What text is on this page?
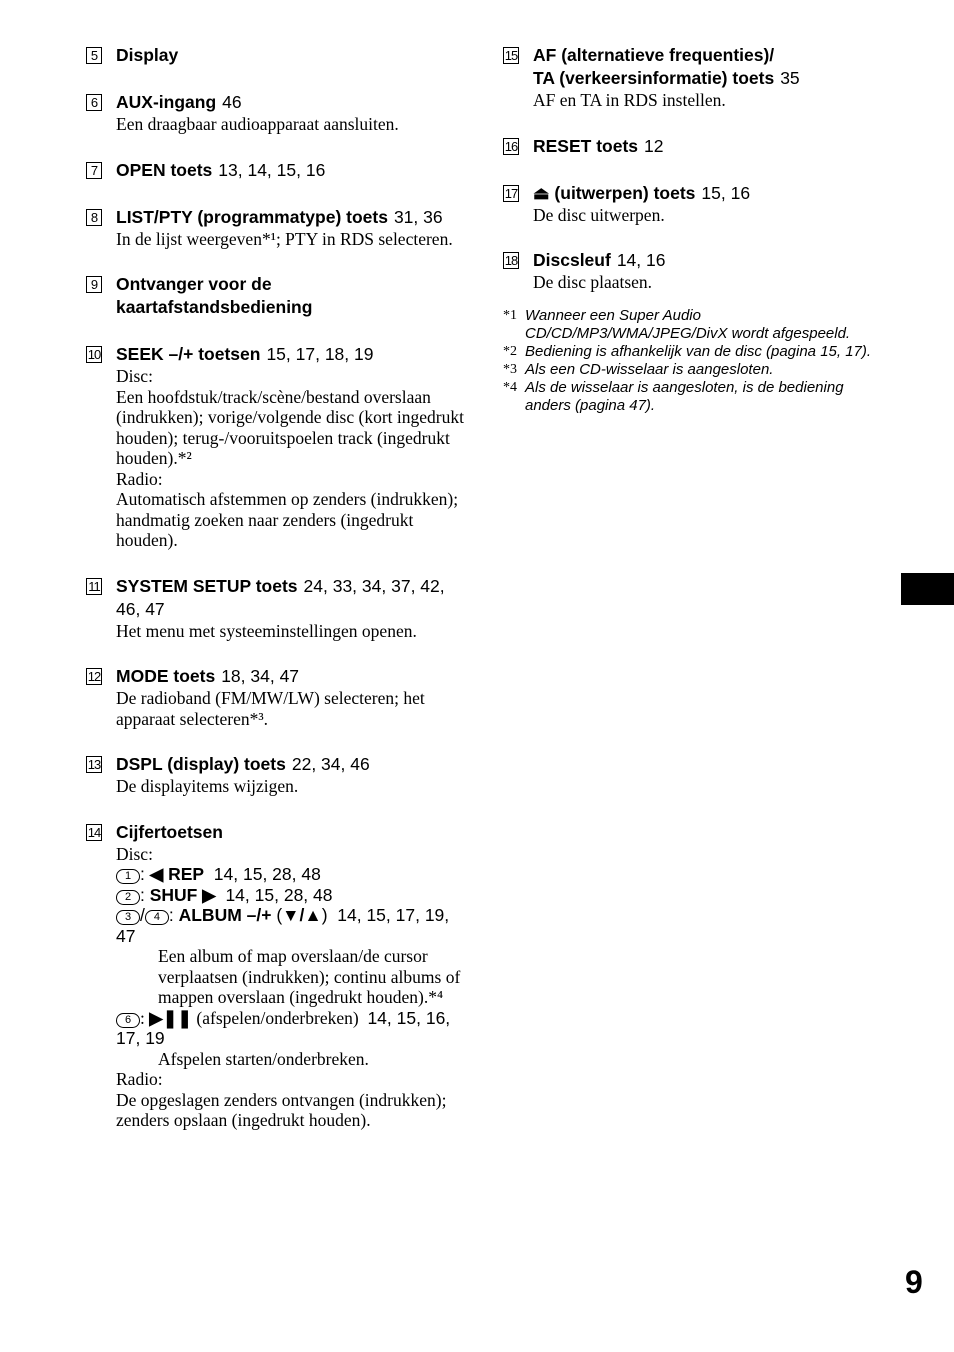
5 Display
6 AUX-ingang 46
Een draagbaar audioapparaat aansluiten.
7 OPEN toets 13, 14, 15, 16
8 LIST/PTY (programmatype) toets 31, 36
In de lijst weergeven*¹; PTY in RDS selecteren.
9 Ontvanger voor de kaartafstandsbediening
10 SEEK –/+ toetsen 15, 17, 18, 19
Disc:
Een hoofdstuk/track/scène/bestand overslaan (indrukken); vorige/volgende disc (kort ingedrukt houden); terug-/vooruitspoelen track (ingedrukt houden).*²
Radio:
Automatisch afstemmen op zenders (indrukken); handmatig zoeken naar zenders (ingedrukt houden).
11 SYSTEM SETUP toets 24, 33, 34, 37, 42, 46, 47
Het menu met systeeminstellingen openen.
12 MODE toets 18, 34, 47
De radioband (FM/MW/LW) selecteren; het apparaat selecteren*³.
13 DSPL (display) toets 22, 34, 46
De displayitems wijzigen.
14 Cijfertoetsen
Disc:
1 : ◀ REP 14, 15, 28, 48
2 : SHUF ▶ 14, 15, 28, 48
3 / 4 : ALBUM –/+ (▼/▲)  14, 15, 17, 19, 47
Een album of map overslaan/de cursor verplaatsen (indrukken); continu albums of mappen overslaan (ingedrukt houden).*⁴
6 : ▶❚❚ (afspelen/onderbreken) 14, 15, 16, 17, 19
Afspelen starten/onderbreken.
Radio:
De opgeslagen zenders ontvangen (indrukken); zenders opslaan (ingedrukt houden).
15 AF (alternatieve frequenties)/
TA (verkeersinformatie) toets 35
AF en TA in RDS instellen.
16 RESET toets 12
17 ⏏ (uitwerpen) toets 15, 16
De disc uitwerpen.
18 Discsleuf 14, 16
De disc plaatsen.
*1 Wanneer een Super Audio CD/CD/MP3/WMA/JPEG/DivX wordt afgespeeld.
*2 Bediening is afhankelijk van de disc (pagina 15, 17).
*3 Als een CD-wisselaar is aangesloten.
*4 Als de wisselaar is aangesloten, is de bediening anders (pagina 47).
9
